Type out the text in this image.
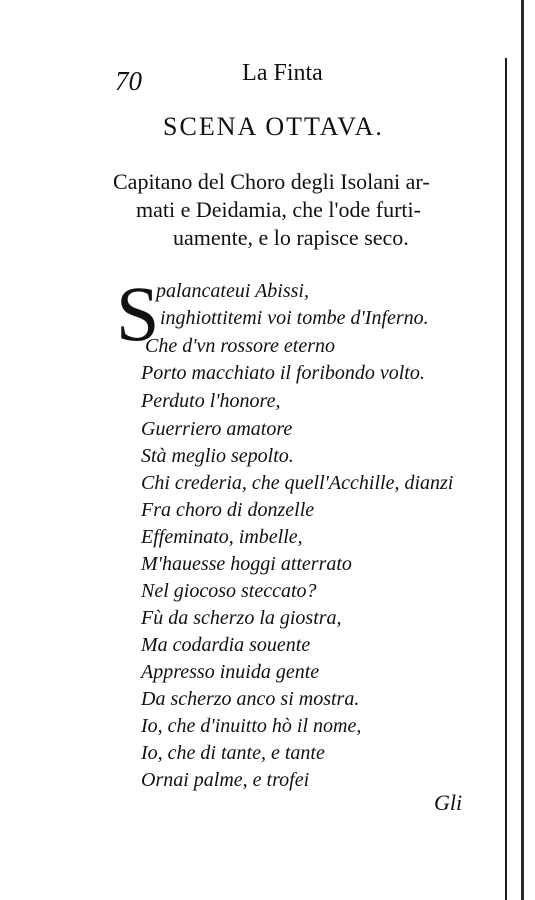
70	La Finta
SCENA OTTAVA.
Capitano del Choro degli Isolani ar-
mati e Deidamia, che l'ode furti-
uamente, e lo rapisce seco.
S
palancateui Abissi,
inghiottitemi voi tombe d'Inferno.
Che d'vn rossore eterno
Porto macchiato il foribondo volto.
Perduto l'honore,
Guerriero amatore
Stà meglio sepolto.
Chi crederia, che quell'Acchille, dianzi
Fra choro di donzelle
Effeminato, imbelle,
M'hauesse hoggi atterrato
Nel giocoso steccato?
Fù da scherzo la giostra,
Ma codardia souente
Appresso inuida gente
Da scherzo anco si mostra.
Io, che d'inuitto hò il nome,
Io, che di tante, e tante
Ornai palme, e trofei
Gli
